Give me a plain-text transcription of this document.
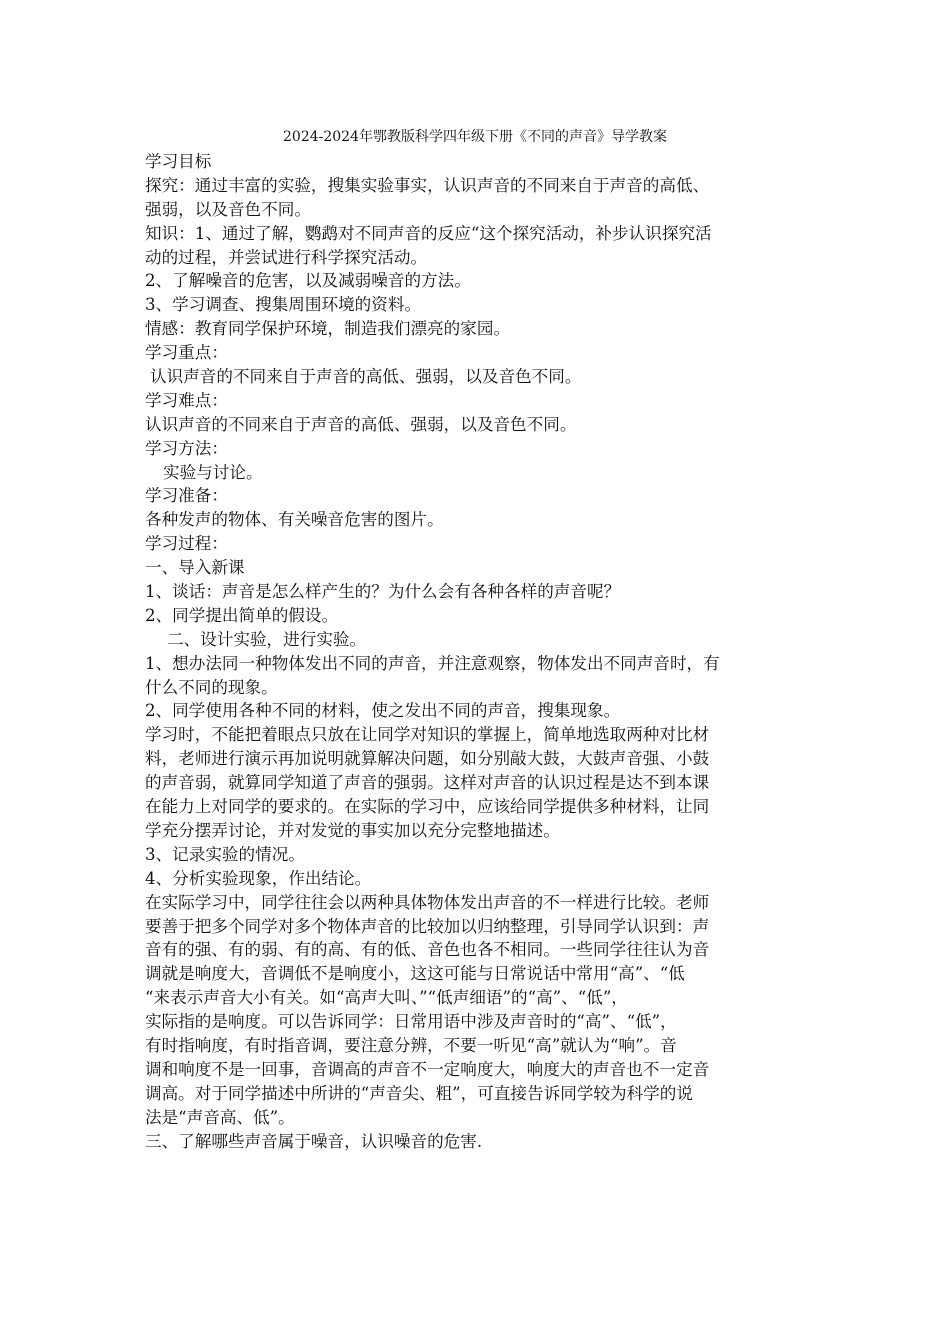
2024-2024年鄂教版科学四年级下册《不同的声音》导学教案
学习目标
探究：通过丰富的实验，搜集实验事实，认识声音的不同来自于声音的高低、
强弱，以及音色不同。
知识：1、通过了解，鹦鹉对不同声音的反应“这个探究活动，补步认识探究活
动的过程，并尝试进行科学探究活动。
2、了解噪音的危害，以及减弱噪音的方法。
3、学习调查、搜集周围环境的资料。
情感：教育同学保护环境，制造我们漂亮的家园。
学习重点：
认识声音的不同来自于声音的高低、强弱，以及音色不同。
学习难点：
认识声音的不同来自于声音的高低、强弱，以及音色不同。
学习方法：
实验与讨论。
学习准备：
各种发声的物体、有关噪音危害的图片。
学习过程：
一、导入新课
1、谈话：声音是怎么样产生的？为什么会有各种各样的声音呢？
2、同学提出简单的假设。
二、设计实验，进行实验。
1、想办法同一种物体发出不同的声音，并注意观察，物体发出不同声音时，有
什么不同的现象。
2、同学使用各种不同的材料，使之发出不同的声音，搜集现象。
学习时，不能把着眼点只放在让同学对知识的掌握上，简单地选取两种对比材
料，老师进行演示再加说明就算解决问题，如分别敲大鼓，大鼓声音强、小鼓
的声音弱，就算同学知道了声音的强弱。这样对声音的认识过程是达不到本课
在能力上对同学的要求的。在实际的学习中，应该给同学提供多种材料，让同
学充分摆弄讨论，并对发觉的事实加以充分完整地描述。
3、记录实验的情况。
4、分析实验现象，作出结论。
在实际学习中，同学往往会以两种具体物体发出声音的不一样进行比较。老师
要善于把多个同学对多个物体声音的比较加以归纳整理，引导同学认识到：声
音有的强、有的弱、有的高、有的低、音色也各不相同。一些同学往往认为音
调就是响度大，音调低不是响度小，这这可能与日常说话中常用“高”、“低
“来表示声音大小有关。如“高声大叫、”“低声细语”的“高”、“低”，
实际指的是响度。可以告诉同学：日常用语中涉及声音时的“高”、“低”，
有时指响度，有时指音调，要注意分辨，不要一听见“高”就认为“响”。音
调和响度不是一回事，音调高的声音不一定响度大，响度大的声音也不一定音
调高。对于同学描述中所讲的“声音尖、粗”，可直接告诉同学较为科学的说
法是“声音高、低”。
三、了解哪些声音属于噪音，认识噪音的危害.
